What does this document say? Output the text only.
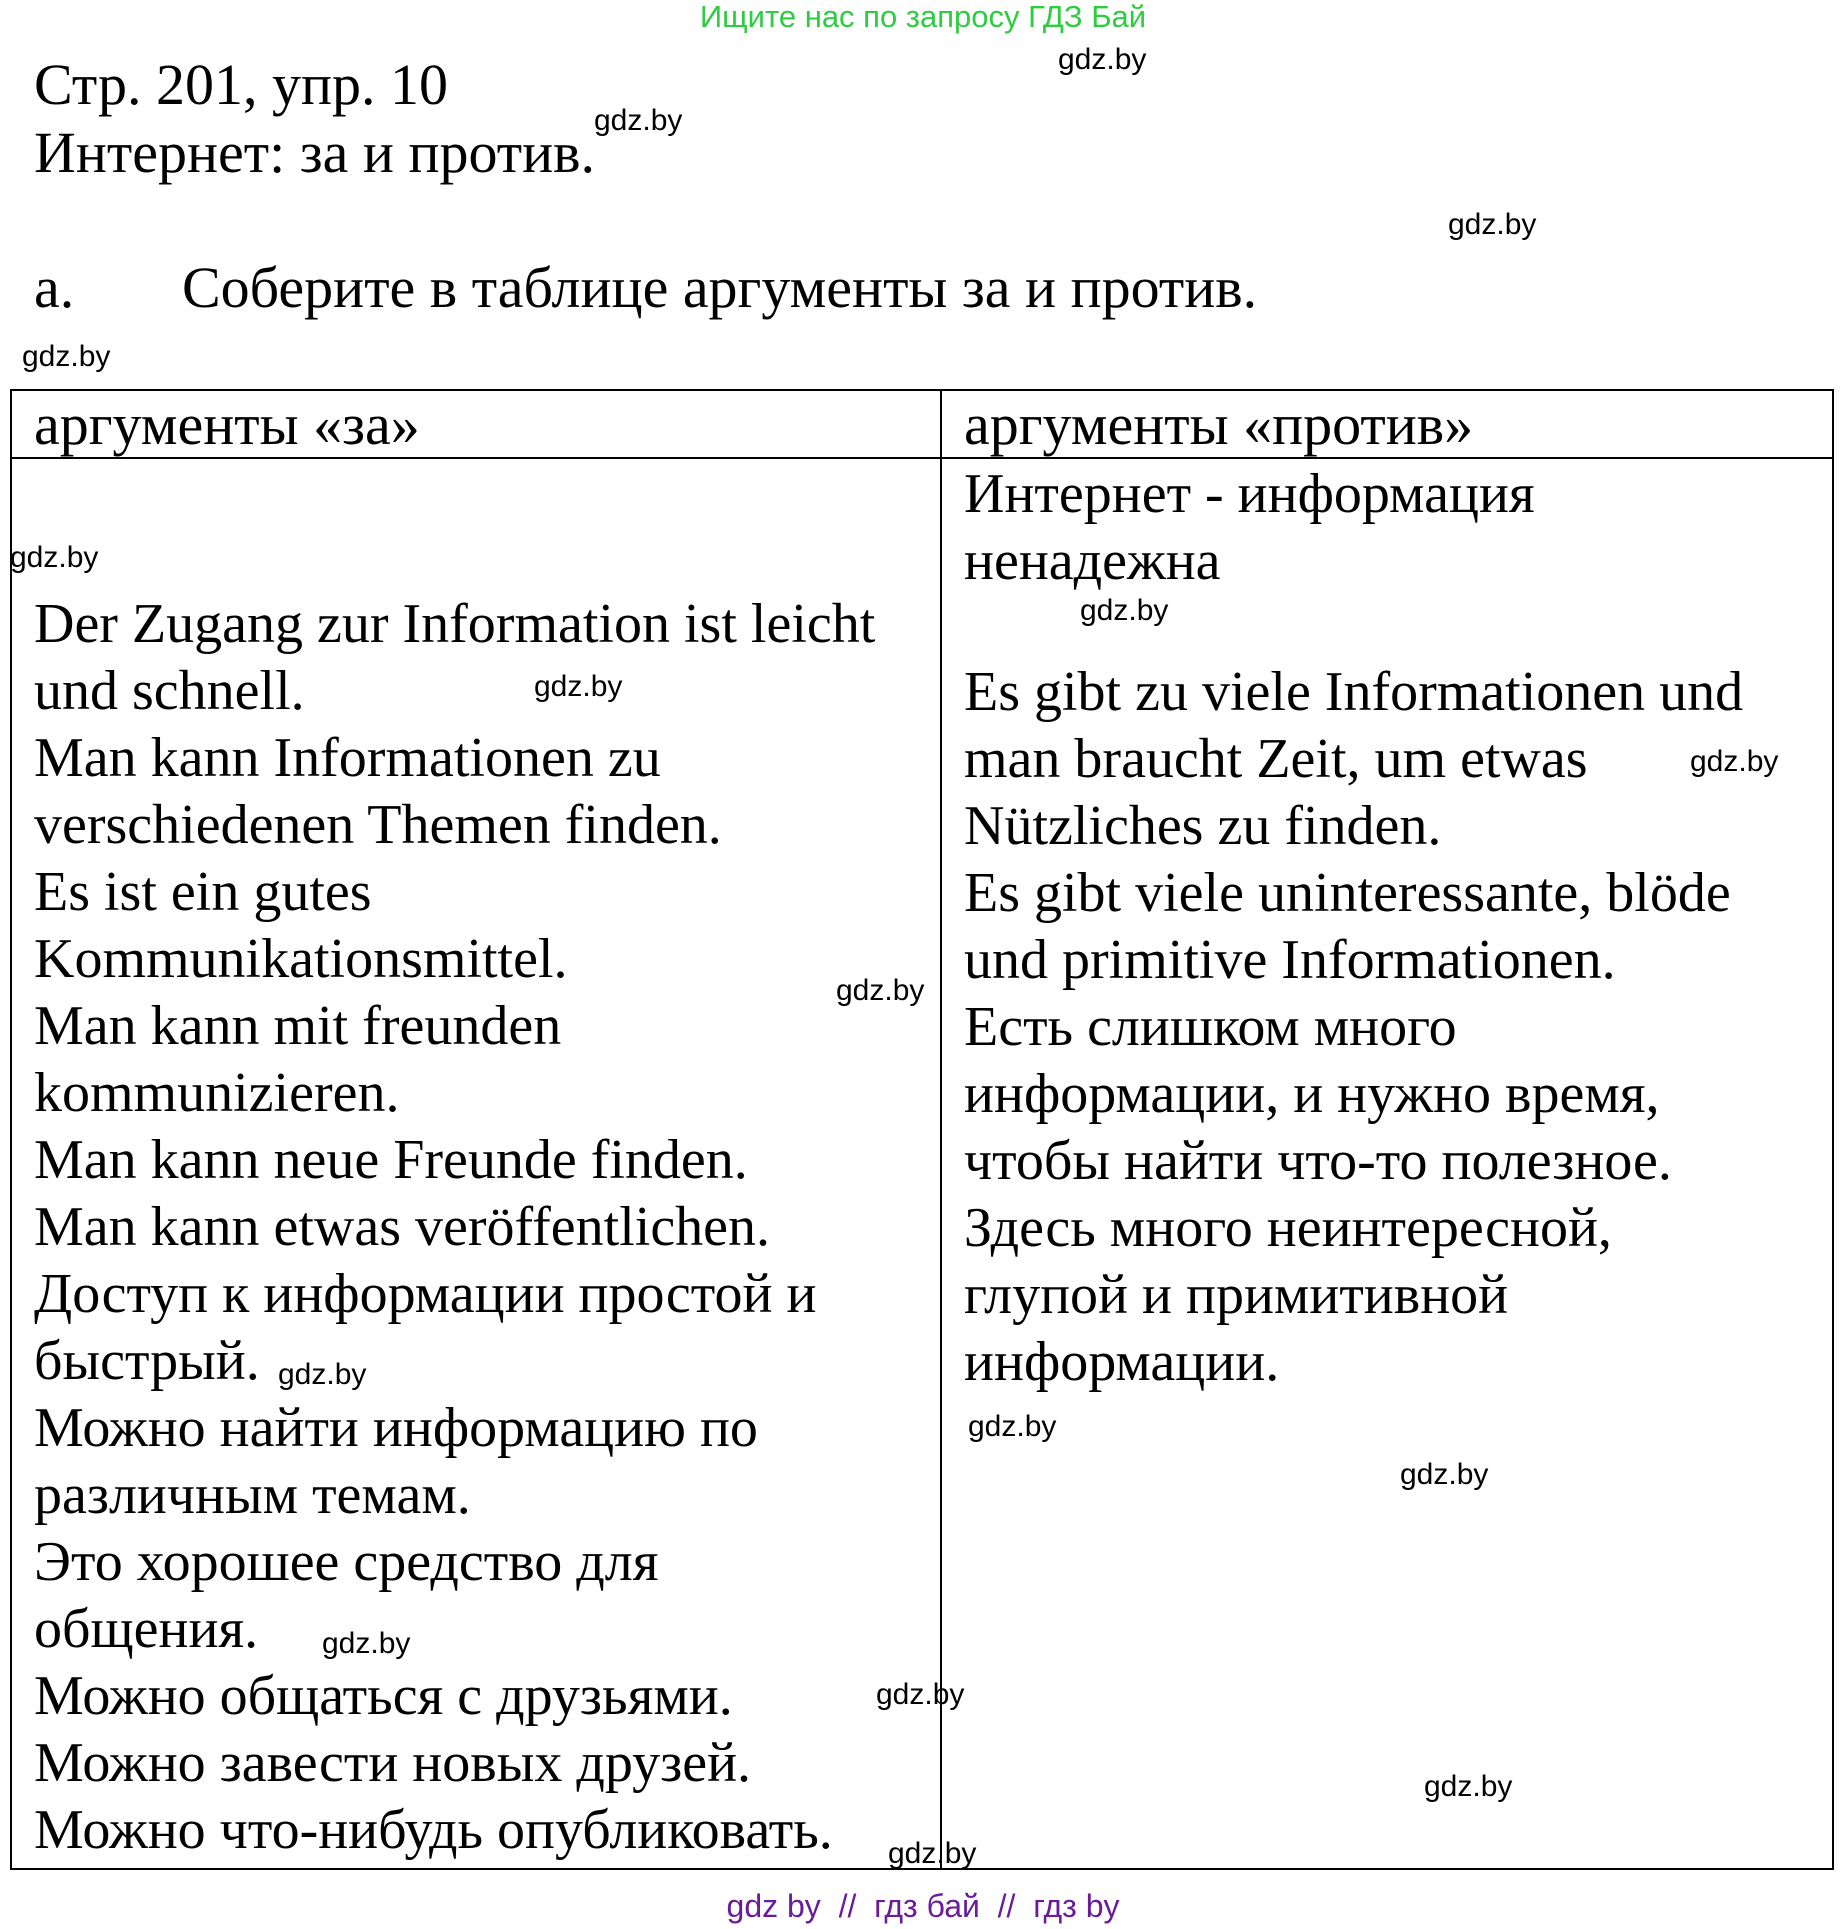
Ищите нас по запросу ГДЗ Бай
Стр. 201, упр. 10
Интернет: за и против.
a. Соберите в таблице аргументы за и против.
аргументы «за»	аргументы «против»
Der Zugang zur Information ist leicht
und schnell.
Man kann Informationen zu
verschiedenen Themen finden.
Es ist ein gutes
Kommunikationsmittel.
Man kann mit freunden
kommunizieren.
Man kann neue Freunde finden.
Man kann etwas veröffentlichen.
Доступ к информации простой и
быстрый.
Можно найти информацию по
различным темам.
Это хорошее средство для
общения.
Можно общаться с друзьями.
Можно завести новых друзей.
Можно что-нибудь опубликовать.
Интернет - информация
ненадежна
Es gibt zu viele Informationen und
man braucht Zeit, um etwas
Nützliches zu finden.
Es gibt viele uninteressante, blöde
und primitive Informationen.
Есть слишком много
информации, и нужно время,
чтобы найти что-то полезное.
Здесь много неинтересной,
глупой и примитивной
информации.
gdz.by
gdz.by
gdz.by
gdz.by
gdz.by
gdz.by
gdz.by
gdz.by
gdz.by
gdz.by
gdz.by
gdz.by
gdz.by
gdz.by
gdz.by
gdz.by
gdz by  //  гдз бай  //  гдз by
